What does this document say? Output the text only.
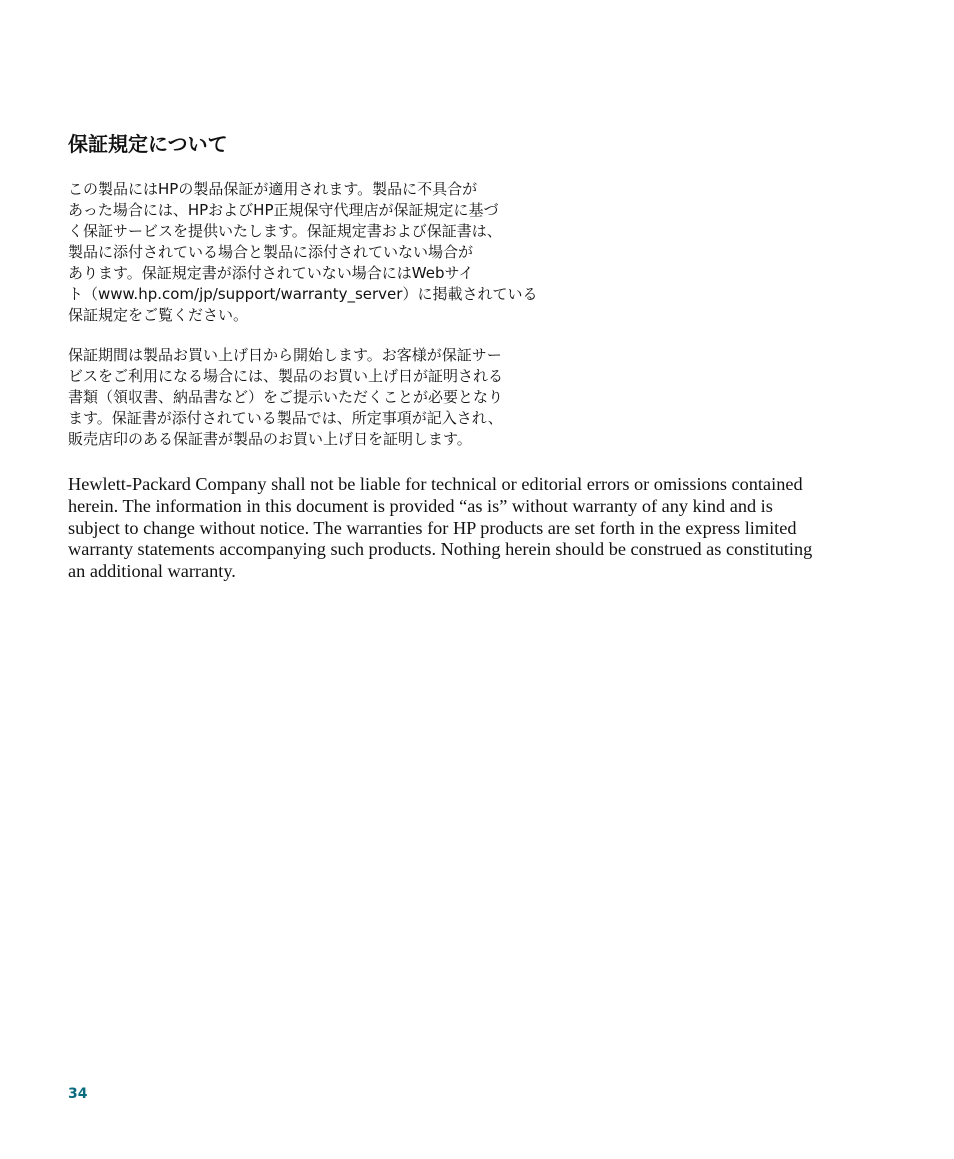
保証規定について
この製品にはHPの製品保証が適用されます。製品に不具合が
あった場合には、HPおよびHP正規保守代理店が保証規定に基づ
く保証サービスを提供いたします。保証規定書および保証書は、
製品に添付されている場合と製品に添付されていない場合が
あります。保証規定書が添付されていない場合にはWebサイ
ト（www.hp.com/jp/support/warranty_server）に掲載されている
保証規定をご覧ください。
保証期間は製品お買い上げ日から開始します。お客様が保証サー
ビスをご利用になる場合には、製品のお買い上げ日が証明される
書類（領収書、納品書など）をご提示いただくことが必要となり
ます。保証書が添付されている製品では、所定事項が記入され、
販売店印のある保証書が製品のお買い上げ日を証明します。

Hewlett-Packard Company shall not be liable for technical or editorial errors or omissions contained
herein. The information in this document is provided “as is” without warranty of any kind and is
subject to change without notice. The warranties for HP products are set forth in the express limited
warranty statements accompanying such products. Nothing herein should be construed as constituting
an additional warranty.

34
